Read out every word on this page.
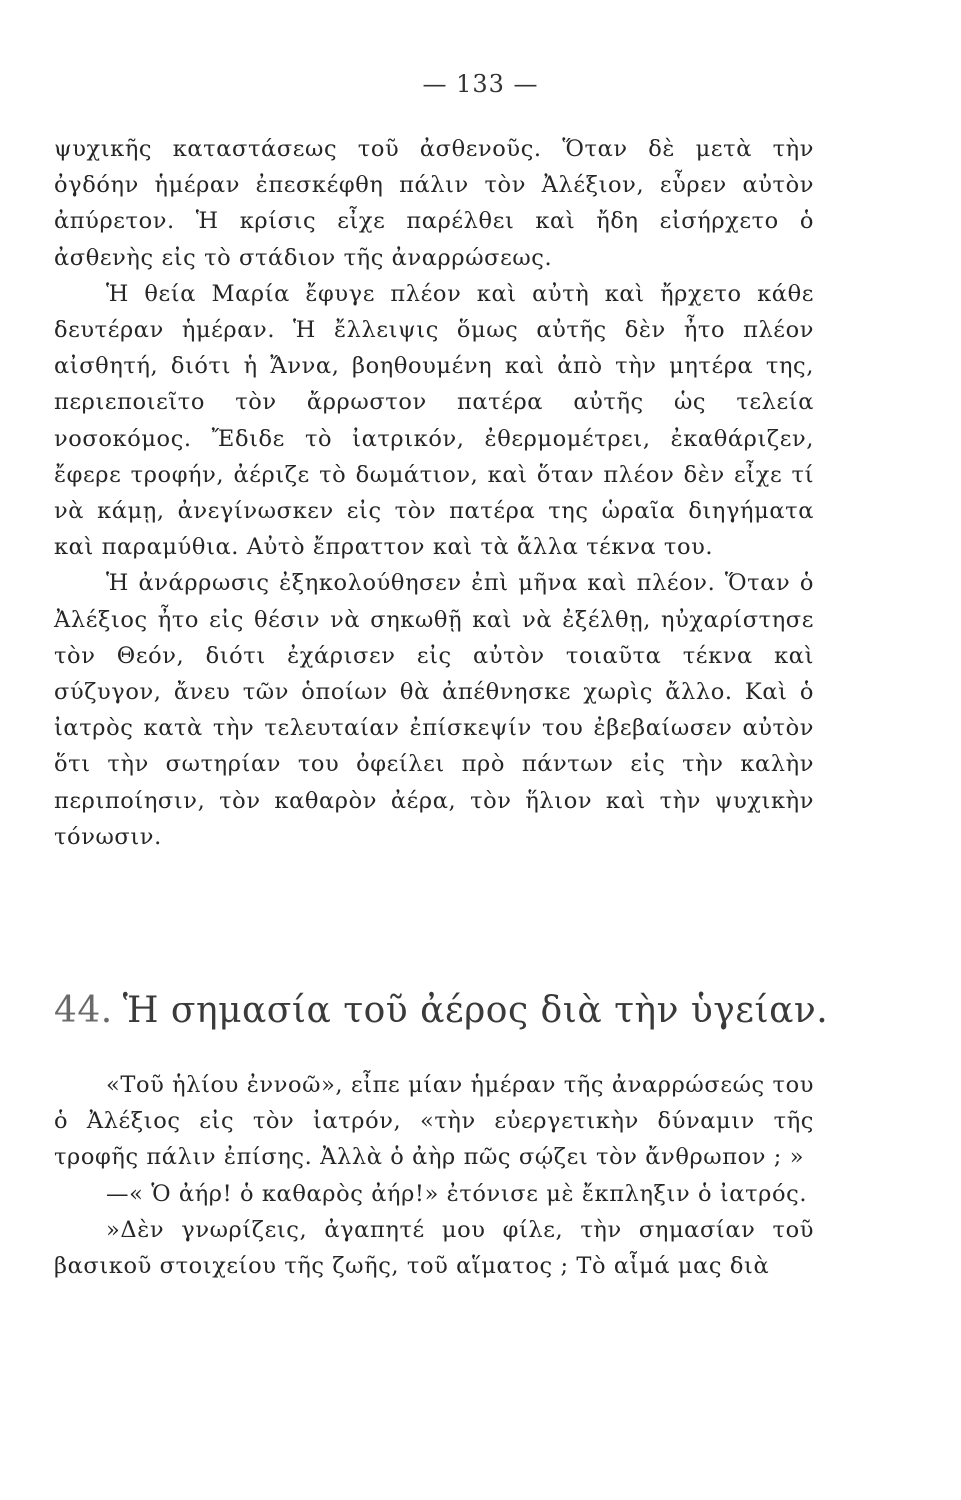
— 133 —

ψυχικῆς καταστάσεως τοῦ ἀσθενοῦς. Ὅταν δὲ μετὰ τὴν ὀγδόην ἡμέραν ἐπεσκέφθη πάλιν τὸν Ἀλέξιον, εὗρεν αὐτὸν ἀπύρετον. Ἡ κρίσις εἶχε παρέλθει καὶ ἤδη εἰσήρχετο ὁ ἀσθενὴς εἰς τὸ στάδιον τῆς ἀναρρώσεως.

Ἡ θεία Μαρία ἔφυγε πλέον καὶ αὐτὴ καὶ ἤρχετο κάθε δευτέραν ἡμέραν. Ἡ ἔλλειψις ὅμως αὐτῆς δὲν ἦτο πλέον αἰσθητή, διότι ἡ Ἄννα, βοηθουμένη καὶ ἀπὸ τὴν μητέρα της, περιεποιεῖτο τὸν ἄρρωστον πατέρα αὐτῆς ὡς τελεία νοσοκόμος. Ἔδιδε τὸ ἰατρικόν, ἐθερμομέτρει, ἐκαθάριζεν, ἔφερε τροφήν, ἀέριζε τὸ δωμάτιον, καὶ ὅταν πλέον δὲν εἶχε τί νὰ κάμῃ, ἀνεγίνωσκεν εἰς τὸν πατέρα της ὡραῖα διηγήματα καὶ παραμύθια. Αὐτὸ ἔπραττον καὶ τὰ ἄλλα τέκνα του.

Ἡ ἀνάρρωσις ἐξηκολούθησεν ἐπὶ μῆνα καὶ πλέον. Ὅταν ὁ Ἀλέξιος ἦτο εἰς θέσιν νὰ σηκωθῇ καὶ νὰ ἐξέλθῃ, ηὐχαρίστησε τὸν Θεόν, διότι ἐχάρισεν εἰς αὐτὸν τοιαῦτα τέκνα καὶ σύζυγον, ἄνευ τῶν ὁποίων θὰ ἀπέθνησκε χωρὶς ἄλλο. Καὶ ὁ ἰατρὸς κατὰ τὴν τελευταίαν ἐπίσκεψίν του ἐβεβαίωσεν αὐτὸν ὅτι τὴν σωτηρίαν του ὀφείλει πρὸ πάντων εἰς τὴν καλὴν περιποίησιν, τὸν καθαρὸν ἀέρα, τὸν ἥλιον καὶ τὴν ψυχικὴν τόνωσιν.

44. Ἡ σημασία τοῦ ἀέρος διὰ τὴν ὑγείαν.

«Τοῦ ἡλίου ἐννοῶ», εἶπε μίαν ἡμέραν τῆς ἀναρρώσεώς του ὁ Ἀλέξιος εἰς τὸν ἰατρόν, «τὴν εὐεργετικὴν δύναμιν τῆς τροφῆς πάλιν ἐπίσης. Ἀλλὰ ὁ ἀὴρ πῶς σῴζει τὸν ἄνθρωπον ; »

—« Ὁ ἀήρ! ὁ καθαρὸς ἀήρ!» ἐτόνισε μὲ ἔκπληξιν ὁ ἰατρός.

»Δὲν γνωρίζεις, ἀγαπητέ μου φίλε, τὴν σημασίαν τοῦ βασικοῦ στοιχείου τῆς ζωῆς, τοῦ αἵματος ; Τὸ αἷμά μας διὰ
